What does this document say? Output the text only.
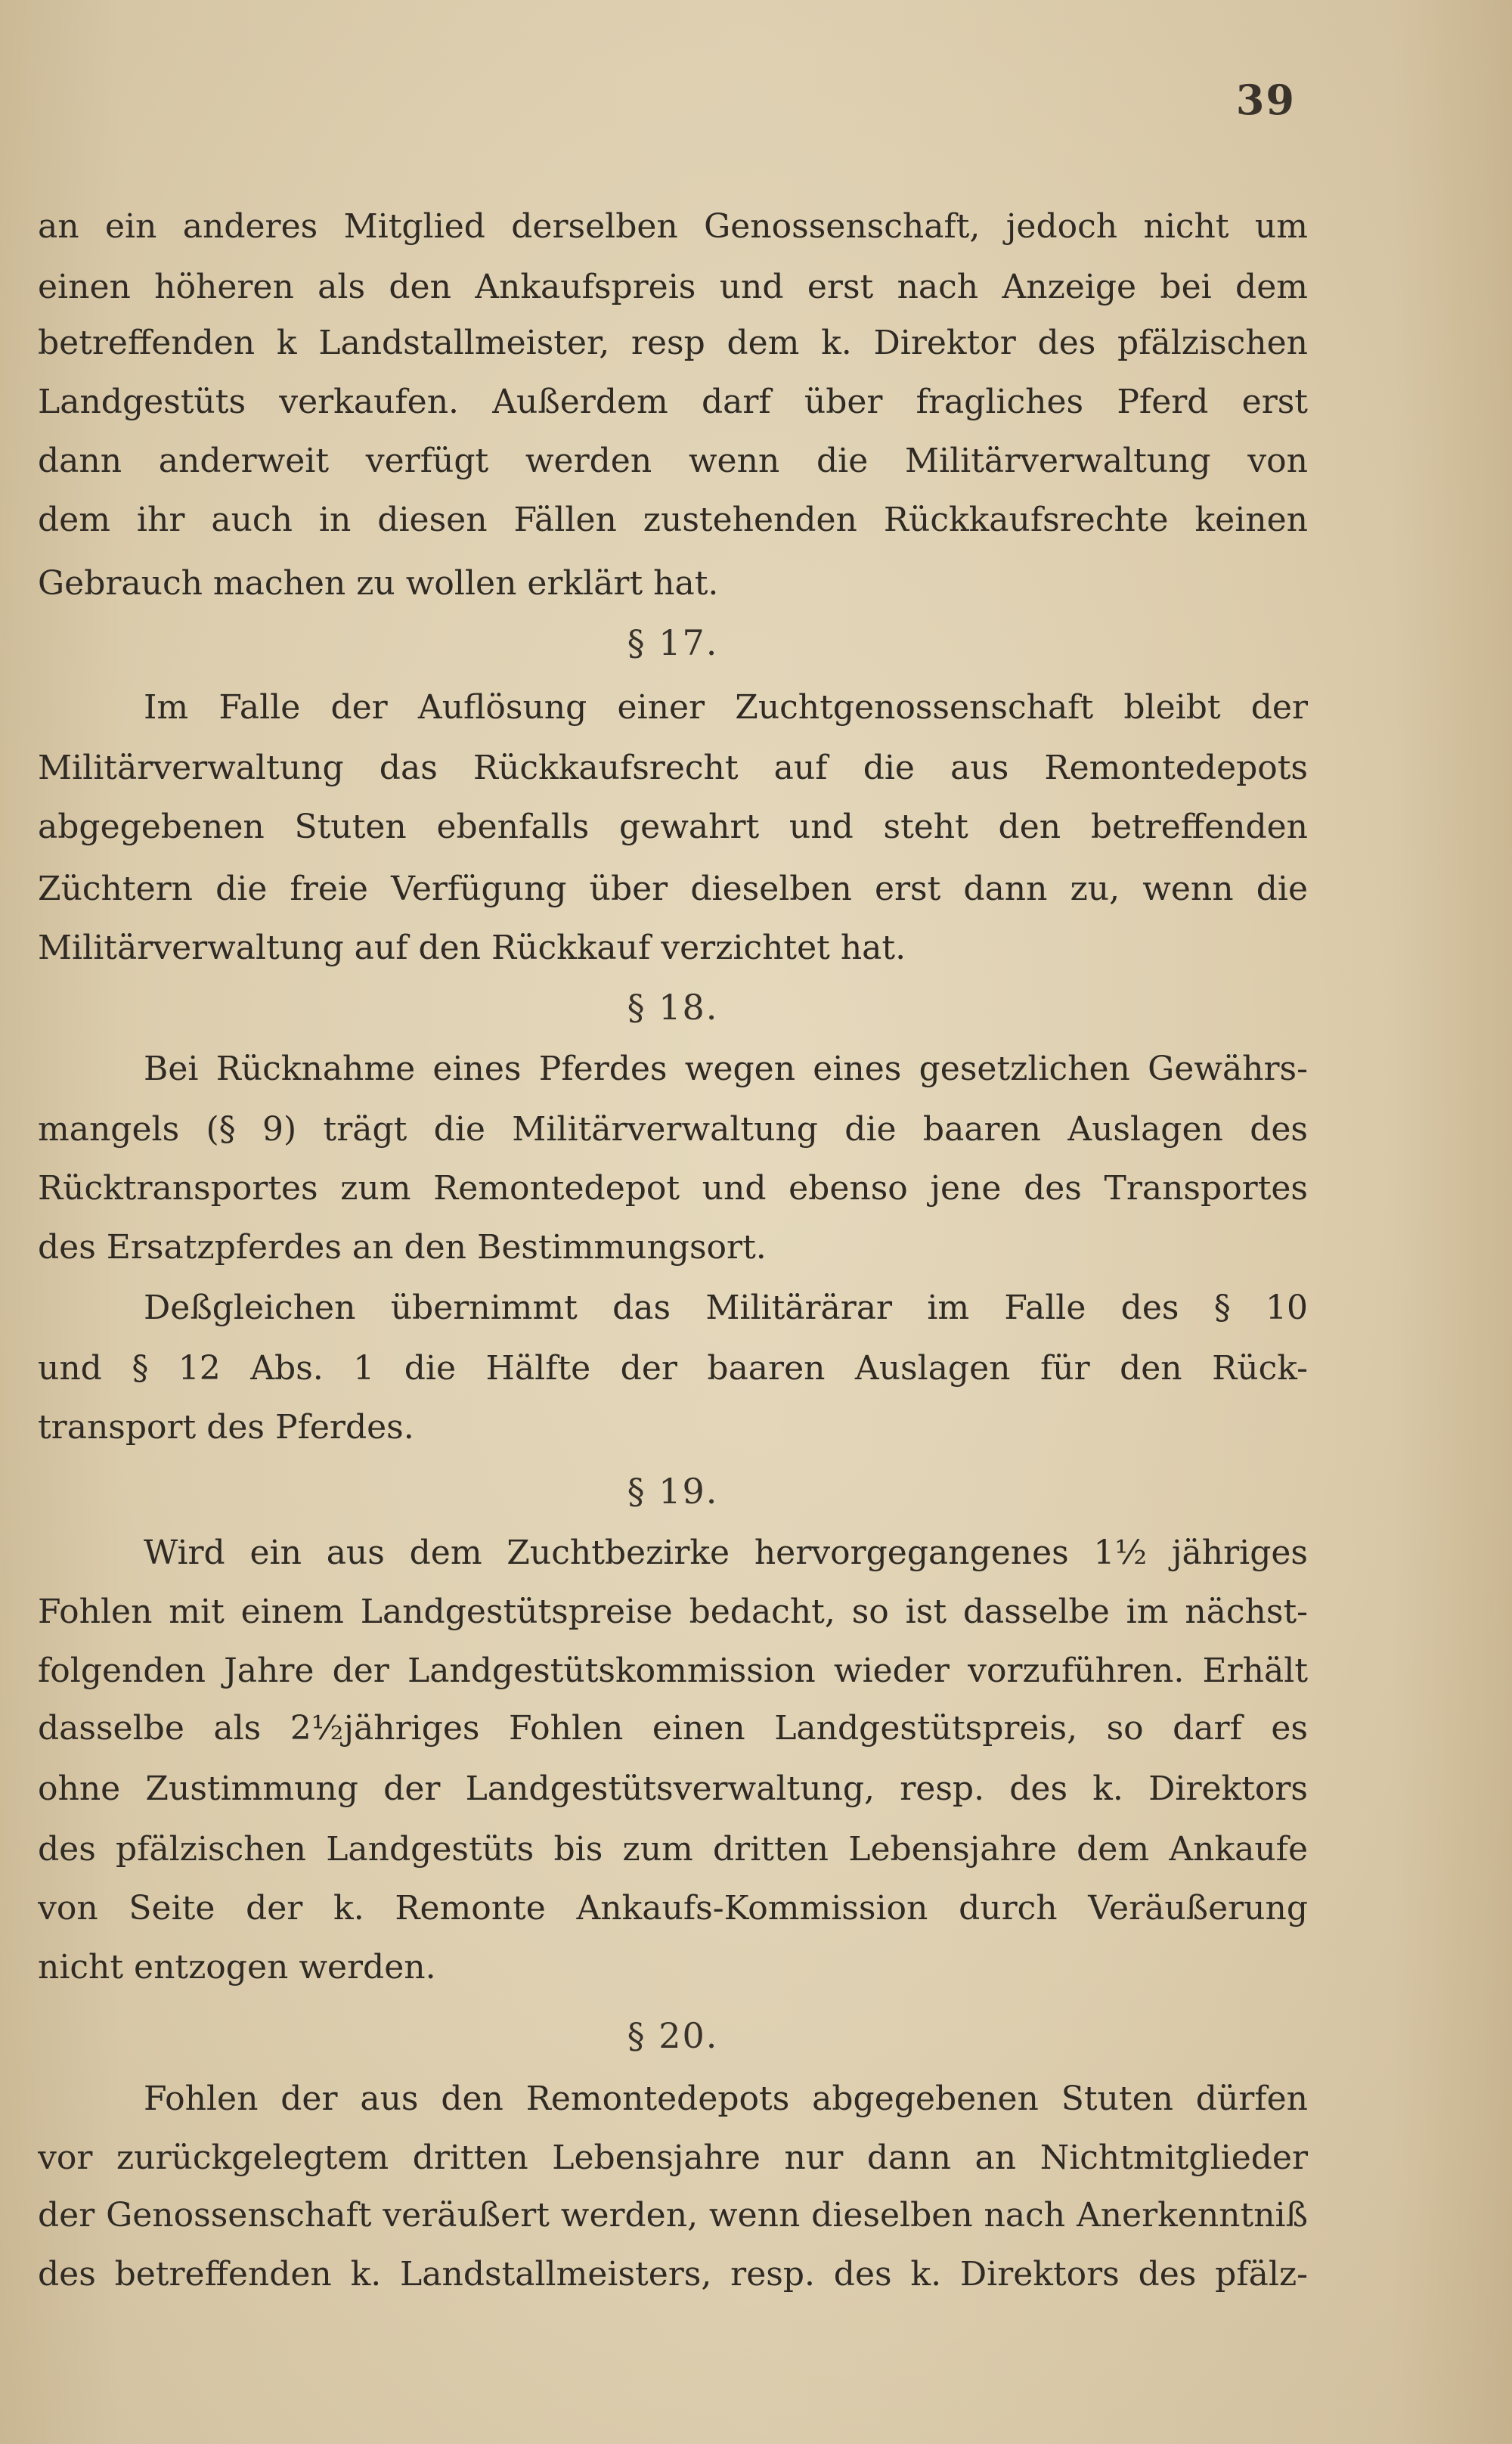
39
an ein anderes Mitglied derselben Genossenschaft, jedoch nicht um
einen höheren als den Ankaufspreis und erst nach Anzeige bei dem
betreffenden k Landstallmeister, resp dem k. Direktor des pfälzischen
Landgestüts verkaufen. Außerdem darf über fragliches Pferd erst
dann anderweit verfügt werden wenn die Militärverwaltung von
dem ihr auch in diesen Fällen zustehenden Rückkaufsrechte keinen
Gebrauch machen zu wollen erklärt hat.
§ 17.
Im Falle der Auflösung einer Zuchtgenossenschaft bleibt der
Militärverwaltung das Rückkaufsrecht auf die aus Remontedepots
abgegebenen Stuten ebenfalls gewahrt und steht den betreffenden
Züchtern die freie Verfügung über dieselben erst dann zu, wenn die
Militärverwaltung auf den Rückkauf verzichtet hat.
§ 18.
Bei Rücknahme eines Pferdes wegen eines gesetzlichen Gewährs-
mangels (§ 9) trägt die Militärverwaltung die baaren Auslagen des
Rücktransportes zum Remontedepot und ebenso jene des Transportes
des Ersatzpferdes an den Bestimmungsort.
Deßgleichen übernimmt das Militärärar im Falle des § 10
und § 12 Abs. 1 die Hälfte der baaren Auslagen für den Rück-
transport des Pferdes.
§ 19.
Wird ein aus dem Zuchtbezirke hervorgegangenes 1½ jähriges
Fohlen mit einem Landgestütspreise bedacht, so ist dasselbe im nächst-
folgenden Jahre der Landgestütskommission wieder vorzuführen. Erhält
dasselbe als 2½jähriges Fohlen einen Landgestütspreis, so darf es
ohne Zustimmung der Landgestütsverwaltung, resp. des k. Direktors
des pfälzischen Landgestüts bis zum dritten Lebensjahre dem Ankaufe
von Seite der k. Remonte Ankaufs-Kommission durch Veräußerung
nicht entzogen werden.
§ 20.
Fohlen der aus den Remontedepots abgegebenen Stuten dürfen
vor zurückgelegtem dritten Lebensjahre nur dann an Nichtmitglieder
der Genossenschaft veräußert werden, wenn dieselben nach Anerkenntniß
des betreffenden k. Landstallmeisters, resp. des k. Direktors des pfälz-
